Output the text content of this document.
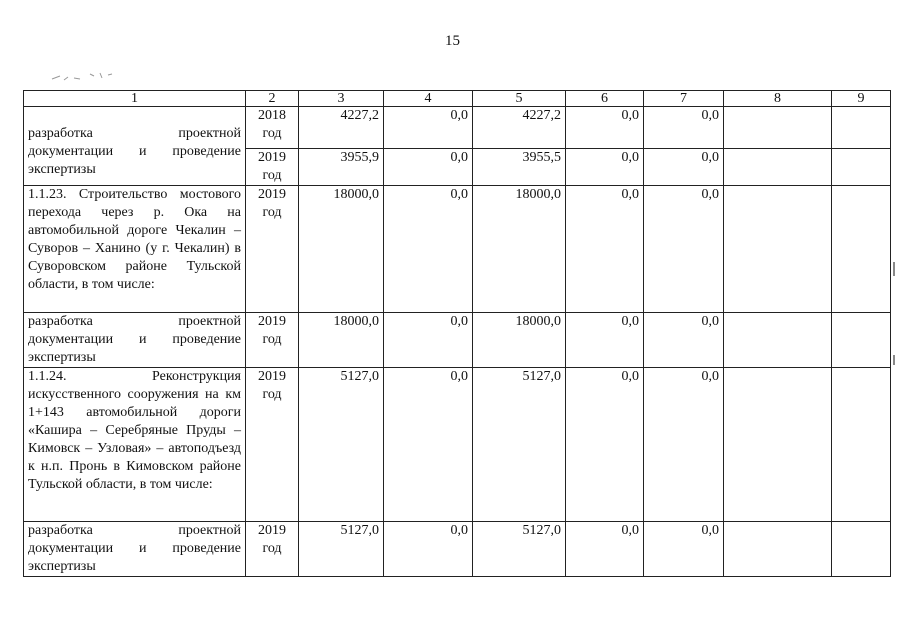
15
1	2	3	4	5	6	7	8	9
разработка проектной документации и проведение экспертизы	2018 год	4227,2	0,0	4227,2	0,0	0,0		
	2019 год	3955,9	0,0	3955,5	0,0	0,0		
1.1.23. Строительство мостового перехода через р. Ока на автомобильной дороге Чекалин – Суворов – Ханино (у г. Чекалин) в Суворовском районе Тульской области, в том числе:	2019 год	18000,0	0,0	18000,0	0,0	0,0		
разработка проектной документации и проведение экспертизы	2019 год	18000,0	0,0	18000,0	0,0	0,0		
1.1.24. Реконструкция искусственного сооружения на км 1+143 автомобильной дороги «Кашира – Серебряные Пруды – Кимовск – Узловая» – автоподъезд к н.п. Пронь в Кимовском районе Тульской области, в том числе:	2019 год	5127,0	0,0	5127,0	0,0	0,0		
разработка проектной документации и проведение экспертизы	2019 год	5127,0	0,0	5127,0	0,0	0,0		
